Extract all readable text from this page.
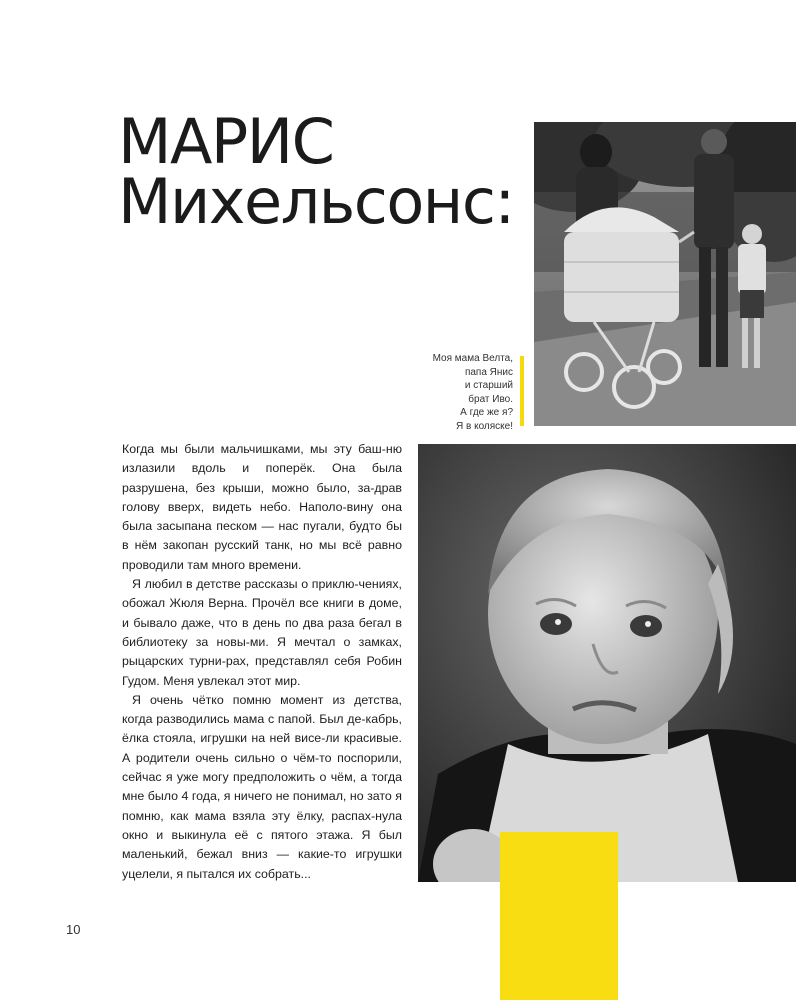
МАРИС
Михельсонс:
Моя мама Велта,
папа Янис
и старший
брат Иво.
А где же я?
Я в коляске!

Когда мы были мальчишками, мы эту баш-ню излазили вдоль и поперёк. Она была разрушена, без крыши, можно было, за-драв голову вверх, видеть небо. Наполо-вину она была засыпана песком — нас пугали, будто бы в нём закопан русский танк, но мы всё равно проводили там много времени.

Я любил в детстве рассказы о приклю-чениях, обожал Жюля Верна. Прочёл все книги в доме, и бывало даже, что в день по два раза бегал в библиотеку за новы-ми. Я мечтал о замках, рыцарских турни-рах, представлял себя Робин Гудом. Меня увлекал этот мир.

Я очень чётко помню момент из детства, когда разводились мама с папой. Был де-кабрь, ёлка стояла, игрушки на ней висе-ли красивые. А родители очень сильно о чём-то поспорили, сейчас я уже могу предположить о чём, а тогда мне было 4 года, я ничего не понимал, но зато я помню, как мама взяла эту ёлку, распах-нула окно и выкинула её с пятого этажа. Я был маленький, бежал вниз — какие-то игрушки уцелели, я пытался их собрать...

10
